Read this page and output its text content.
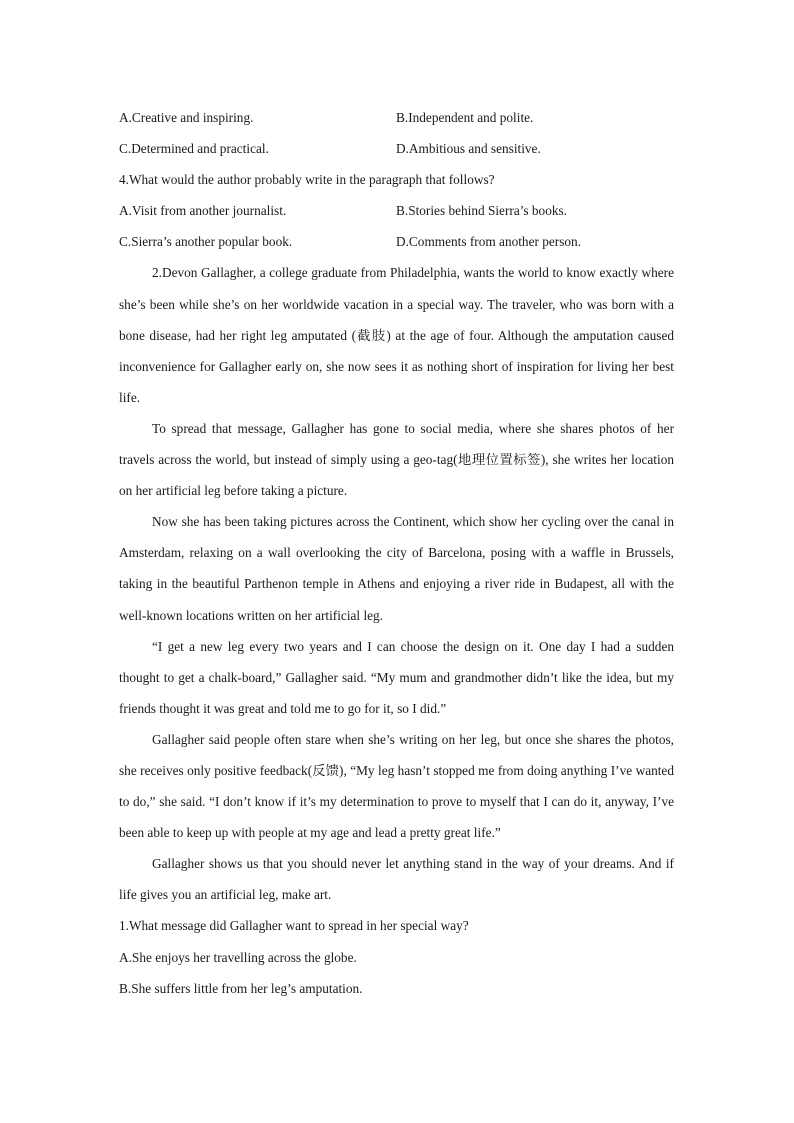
A.Creative and inspiring.	B.Independent and polite.
C.Determined and practical.	D.Ambitious and sensitive.
4.What would the author probably write in the paragraph that follows?
A.Visit from another journalist.	B.Stories behind Sierra’s books.
C.Sierra’s another popular book.	D.Comments from another person.

2.Devon Gallagher, a college graduate from Philadelphia, wants the world to know exactly where she’s been while she’s on her worldwide vacation in a special way. The traveler, who was born with a bone disease, had her right leg amputated (截肢) at the age of four. Although the amputation caused inconvenience for Gallagher early on, she now sees it as nothing short of inspiration for living her best life.

To spread that message, Gallagher has gone to social media, where she shares photos of her travels across the world, but instead of simply using a geo-tag(地理位置标签), she writes her location on her artificial leg before taking a picture.

Now she has been taking pictures across the Continent, which show her cycling over the canal in Amsterdam, relaxing on a wall overlooking the city of Barcelona, posing with a waffle in Brussels, taking in the beautiful Parthenon temple in Athens and enjoying a river ride in Budapest, all with the well-known locations written on her artificial leg.

“I get a new leg every two years and I can choose the design on it. One day I had a sudden thought to get a chalk-board,” Gallagher said. “My mum and grandmother didn’t like the idea, but my friends thought it was great and told me to go for it, so I did.”

Gallagher said people often stare when she’s writing on her leg, but once she shares the photos, she receives only positive feedback(反馈), “My leg hasn’t stopped me from doing anything I’ve wanted to do,” she said. “I don’t know if it’s my determination to prove to myself that I can do it, anyway, I’ve been able to keep up with people at my age and lead a pretty great life.”

Gallagher shows us that you should never let anything stand in the way of your dreams. And if life gives you an artificial leg, make art.

1.What message did Gallagher want to spread in her special way?
A.She enjoys her travelling across the globe.
B.She suffers little from her leg’s amputation.
